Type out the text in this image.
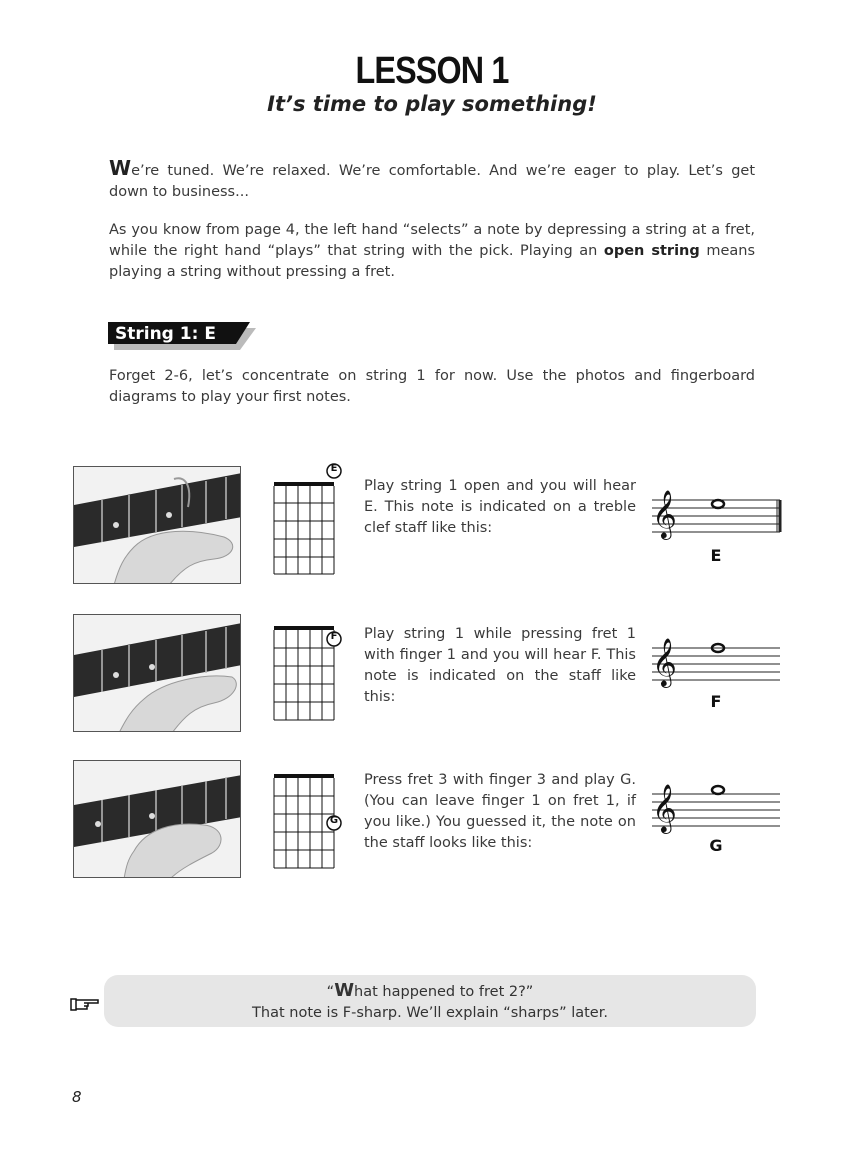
LESSON 1
It’s time to play something!

We’re tuned. We’re relaxed. We’re comfortable. And we’re eager to play. Let’s get down to business...

As you know from page 4, the left hand “selects” a note by depressing a string at a fret, while the right hand “plays” that string with the pick. Playing an open string means playing a string without pressing a fret.

String 1: E

Forget 2-6, let’s concentrate on string 1 for now. Use the photos and fingerboard diagrams to play your first notes.

E
Play string 1 open and you will hear E. This note is indicated on a treble clef staff like this:	𝄞
E
F	Play string 1 while pressing fret 1 with finger 1 and you will hear F. This note is indicated on the staff like this:
𝄞
F
G
Press fret 3 with finger 3 and play G. (You can leave finger 1 on fret 1, if you like.) You guessed it, the note on the staff looks like this:
𝄞
G
“What happened to fret 2?”
That note is F-sharp. We’ll explain “sharps” later.
8
